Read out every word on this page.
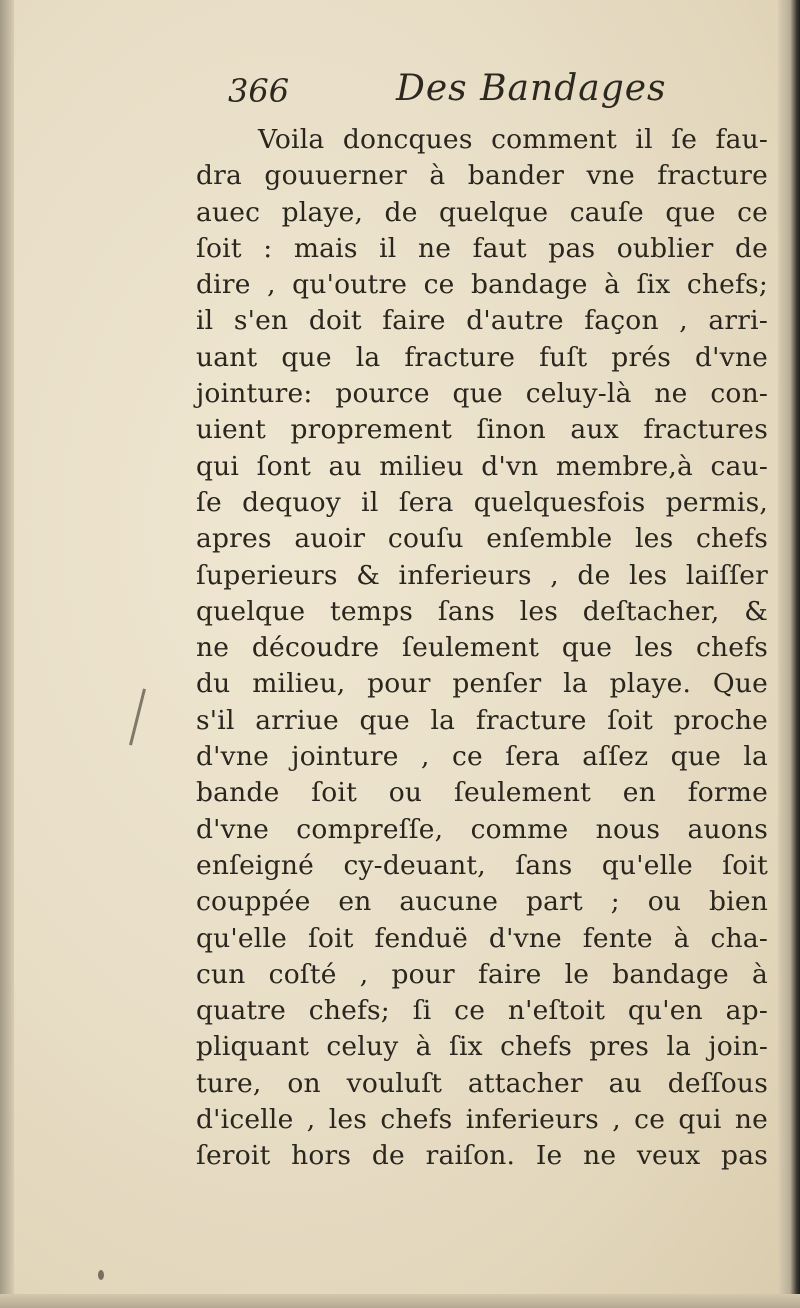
366	Des Bandages
Voila doncques comment il ſe fau-
dra gouuerner à bander vne fracture
auec playe, de quelque cauſe que ce
ſoit : mais il ne faut pas oublier de
dire , qu'outre ce bandage à ſix chefs;
il s'en doit faire d'autre façon , arri-
uant que la fracture fuſt prés d'vne
jointure: pource que celuy-là ne con-
uient proprement ſinon aux fractures
qui ſont au milieu d'vn membre,à cau-
ſe dequoy il ſera quelquesfois permis,
apres auoir couſu enſemble les chefs
ſuperieurs & inferieurs , de les laiſſer
quelque temps ſans les deſtacher, &
ne découdre ſeulement que les chefs
du milieu, pour penſer la playe. Que
s'il arriue que la fracture ſoit proche
d'vne jointure , ce ſera aſſez que la
bande ſoit ou ſeulement en forme
d'vne compreſſe, comme nous auons
enſeigné cy-deuant, ſans qu'elle ſoit
couppée en aucune part ; ou bien
qu'elle ſoit fenduë d'vne fente à cha-
cun coſté , pour faire le bandage à
quatre chefs; ſi ce n'eſtoit qu'en ap-
pliquant celuy à ſix chefs pres la join-
ture, on vouluſt attacher au deſſous
d'icelle , les chefs inferieurs , ce qui ne
ſeroit hors de raiſon. Ie ne veux pas
